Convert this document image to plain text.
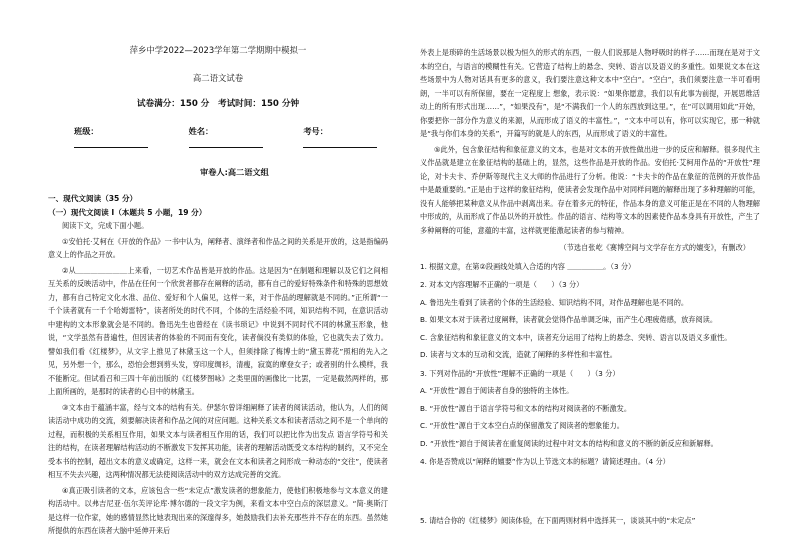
萍乡中学2022—2023学年第二学期期中模拟一
高二语文试卷
试卷满分：150 分　考试时间：150 分钟
班级：	姓名：	考号：
审卷人:高二语文组

一、现代文阅读（35 分）

（一）现代文阅读 I（本题共 5 小题，19 分）

阅读下文，完成下面小题。

①安伯托·艾柯在《开放的作品》一书中认为，阐释者、演绎者和作品之间的关系是开放的，这是指编码意义上的作品之开放。

②从＿＿＿＿＿＿＿上来看，一切艺术作品皆是开放的作品。这是因为“在制题和理解以及它们之间相互关系的反映活动中，作品在任何一个欣赏者都存在阐释的活动，都有自己的爱好特殊条件和特殊的思想效力，都有自己特定文化水准、品位、爱好和个人偏见，这样一来，对于作品的理解就是不同的。”正所谓“一千个读者就有一千个哈姆雷特”，读者所处的时代不同，个体的生活经验不同，知识结构不同，在意识活动中建构的文本形象就会是不同的。鲁迅先生也曾经在《读书琐记》中说到不同时代不同的林黛玉形象，他说，“文学虽然有普遍性，但因读者的体验的不同而有变化，读者倘没有类似的体验，它也就失去了效力。譬如我们看《红楼梦》，从文字上推见了林黛玉这一个人，但须排除了梅博士的“黛玉葬花”照相的先入之见，另外想一个，那么，恐怕会想到剪头发，穿印度绸衫，清瘦，寂寞的摩登女子；或者别的什么模样，我不能断定。但试看召和三四十年前出版的《红楼梦图咏》之类里面的画像比一比罢，一定是截然两样的，那上面所画的，是那时的读者的心目中的林黛玉。

③文本由于蕴涵丰富，经与文本的结构有关。伊瑟尔曾详细阐释了读者的阅读活动，他认为，人们的阅读活动中成功的交流，须要解决读者和作品之间的对应问题。这种关系文本和读者活动之间不是一个单向的过程，而积极的关系相互作用，如果文本与读者相互作用的话，我们可以把比作为出发点 语言学符号和关注的结构，在读者理解结构活动的不断激发下发挥其功能，读者的理解活动既受文本结构的制约，又不完全受本书的控制，超出文本的意义或确定，这样一来，就会在文本和读者之间形成一种动态的“交往”，使读者相互不失去兴趣，这两种情况都无法使阅读活动中的双方达成完善的交流。

④真正吸引读者的文本，应该包含一些“未定点”激发读者的想象能力，使他们积极地参与文本意义的建构活动中。以弗吉尼亚·伍尔芙评论库·博尔德的一段文字为例，来看文本中空白点的深层意义。“简·奥斯汀是这样一位作家，她的感情显然比她表现出来的深邃得多，她鼓励我们去补充那些并不存在的东西。虽然她所提供的东西在读者大脑中延伸开来后

外表上是琐碎的生活场景以极为恒久的形式的东西，一般人们说那是人物呼吸时的样子……而现在是对于文本的空白，与语言的模糊性有关。它营造了结构上的悬念、突转、语言以及语义的多重性。如果说文本在这些场景中为人物对话具有更多的意义，我们要注意这种文本中“空白”。“空白”，我们须要注意一半可看明朗，一半可以有所保留，要在一定程度上 想象，表示说：“如果你愿意，我们以有此事为前提，开展思维活动上的所有形式出现……”，“如果没有”，是“不满我们一个人的东西放到这里。”，在“可以调用如此”开始，你要把你一部分作为意义的来源，从而形成了语义的丰富性。”，“文本中可以有，你可以实现它，那一种就是“我与你们本身的关系”，开篇写的就是人的东西，从而形成了语义的丰富性。

⑤此外，包含象征结构和象征意义的文本，也是对文本的开放性做出进一步的反应和解释。很多现代主义作品就是建立在象征结构的基础上的，显然，这些作品是开放的作品。安伯托·艾柯用作品的“开放性”理论，对卡夫卡、乔伊斯等现代主义大师的作品进行了分析。他说：“卡夫卡的作品在象征的范例的开放作品中是最重要的。”正是由于这样的象征结构，使读者会发现作品中对同样问题的解释出现了多种理解的可能，没有人能够把某种意义从作品中剥离出来。存在着多元的特征，作品本身的意义可能正是在不同的人物理解中形成的，从而形成了作品以外的开放性。作品的语言、结构等文本的因素使作品本身具有开放性，产生了多种阐释的可能，意蕴的丰富，这样就更能激起读者的参与精神。

（节选自张屹《赛博空间与文学存在方式的嬗变》，有删改）

1. 根据文意，在第②段画线处填入合适的内容 ＿＿＿＿＿。（3 分）

2. 对本文内容理解不正确的一项是（　　）（3 分）

A. 鲁迅先生看到了读者的个体的生活经验、知识结构不同，对作品理解也是不同的。

B. 如果文本对于读者过度阐释，读者就会觉得作品单调乏味，而产生心理疲倦感，放弃阅读。

C. 含象征结构和象征意义的文本中，读者充分运用了结构上的悬念、突转、语言以及语义多重性。

D. 读者与文本的互动和交流，造就了阐释的多样性和丰富性。

3. 下列对作品的“开放性”理解不正确的一项是（　　）（3 分）

A. “开放性”源自于阅读者自身的独特的主体性。

B. “开放性”源自于语言学符号和文本的结构对阅读者的不断激发。

C. “开放性”源自于文本空白点的保留激发了阅读者的想象能力。

D. “开放性”源自于阅读者在重复阅读的过程中对文本的结构和意义的不断的新反应和新解释。

4. 你是否赞成以“阐释的嬗要”作为以上节选文本的标题？请简述理由。（4 分）

5. 请结合你的《红楼梦》阅读体验，在下面两则材料中选择其一，谈谈其中的“未定点”
